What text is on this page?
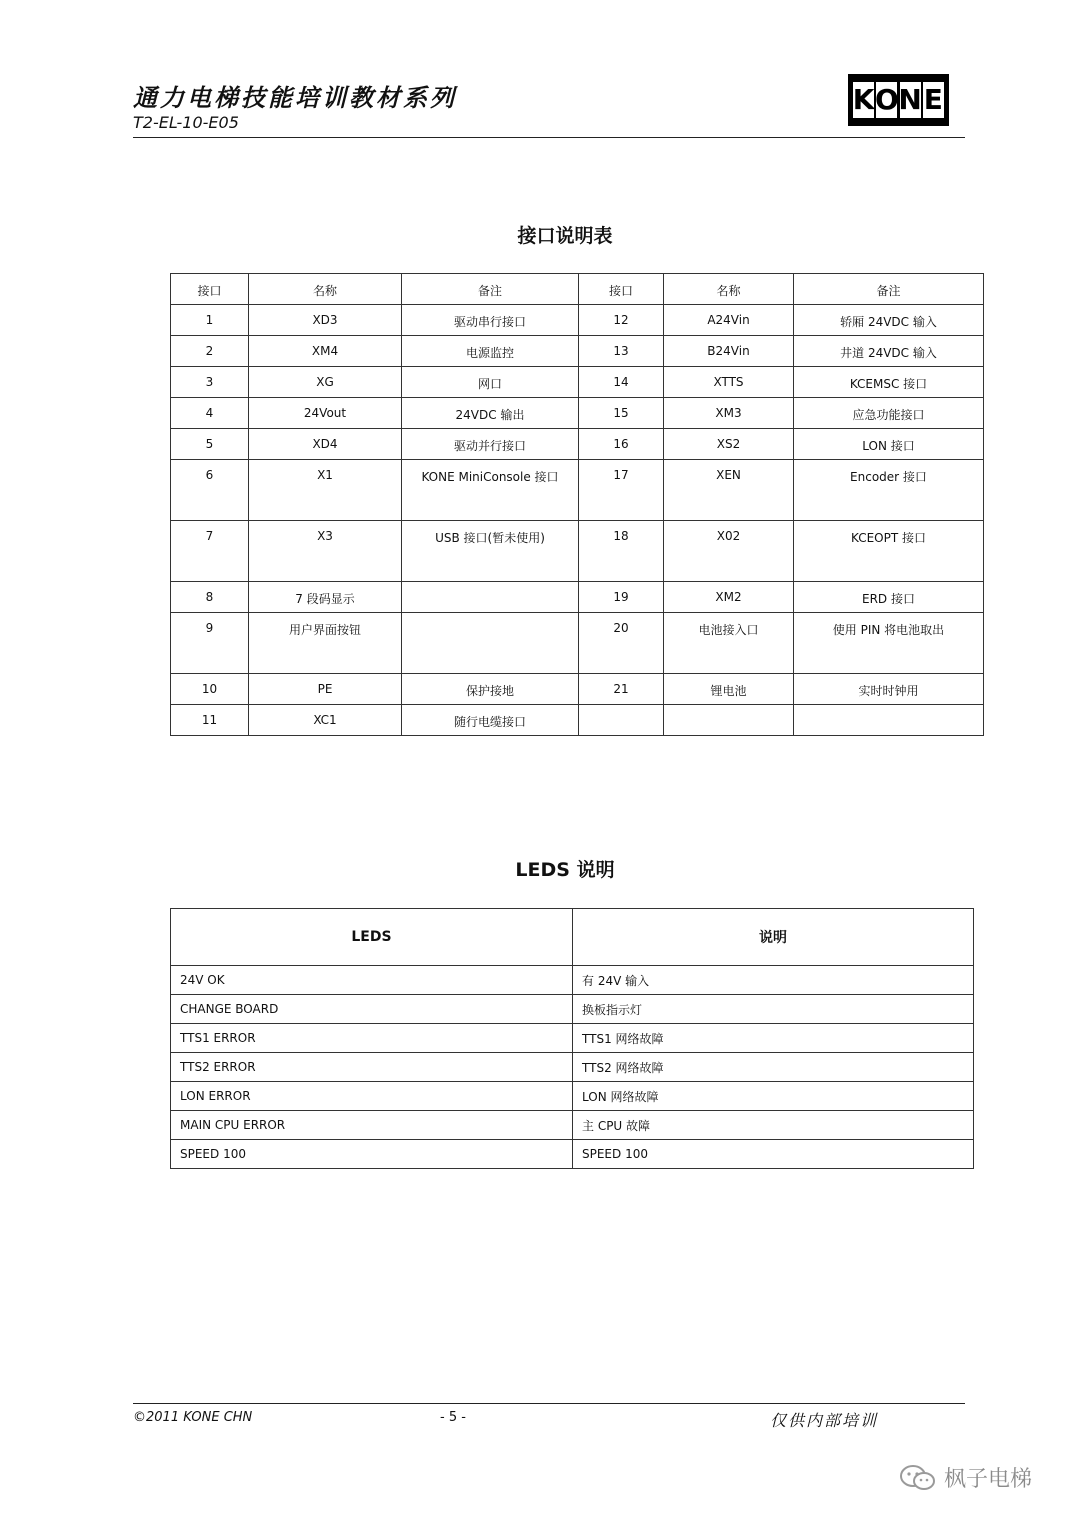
通力电梯技能培训教材系列
T2-EL-10-E05
K O N E
接口说明表
接口	名称	备注	接口	名称	备注
1	XD3	驱动串行接口	12	A24Vin	轿厢 24VDC 输入
2	XM4	电源监控	13	B24Vin	井道 24VDC 输入
3	XG	网口	14	XTTS	KCEMSC 接口
4	24Vout	24VDC 输出	15	XM3	应急功能接口
5	XD4	驱动并行接口	16	XS2	LON 接口
6	X1	KONE MiniConsole 接口	17	XEN	Encoder 接口
7	X3	USB 接口(暂未使用)	18	X02	KCEOPT 接口
8	7 段码显示		19	XM2	ERD 接口
9	用户界面按钮		20	电池接入口	使用 PIN 将电池取出
10	PE	保护接地	21	锂电池	实时时钟用
11	XC1	随行电缆接口			
LEDS 说明
LEDS	说明
24V OK	有 24V 输入
CHANGE BOARD	换板指示灯
TTS1 ERROR	TTS1 网络故障
TTS2 ERROR	TTS2 网络故障
LON ERROR	LON 网络故障
MAIN CPU ERROR	主 CPU 故障
SPEED 100	SPEED 100
©2011 KONE CHN	- 5 -	仅供内部培训
枫子电梯
